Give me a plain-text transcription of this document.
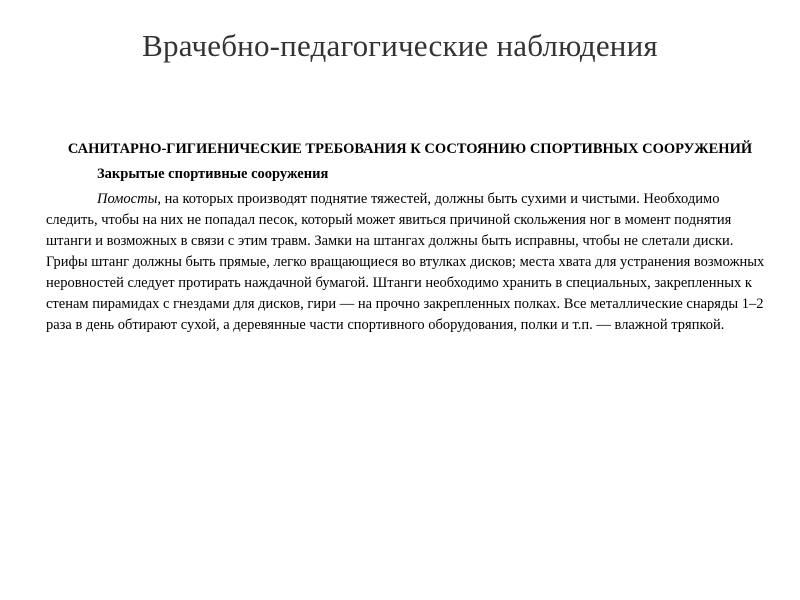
Врачебно-педагогические наблюдения

САНИТАРНО-ГИГИЕНИЧЕСКИЕ ТРЕБОВАНИЯ К СОСТОЯНИЮ СПОРТИВНЫХ СООРУЖЕНИЙ

Закрытые спортивные сооружения

Помосты, на которых производят поднятие тяжестей, должны быть сухими и чистыми. Необходимо следить, чтобы на них не попадал песок, который может явиться причиной скольжения ног в момент поднятия штанги и возможных в связи с этим травм. Замки на штангах должны быть исправны, чтобы не слетали диски. Грифы штанг должны быть прямые, легко вращающиеся во втулках дисков; места хвата для устранения возможных неровностей следует протирать наждачной бумагой. Штанги необходимо хранить в специальных, закрепленных к стенам пирамидах с гнездами для дисков, гири — на прочно закрепленных полках. Все металлические снаряды 1–2 раза в день обтирают сухой, а деревянные части спортивного оборудования, полки и т.п. — влажной тряпкой.
